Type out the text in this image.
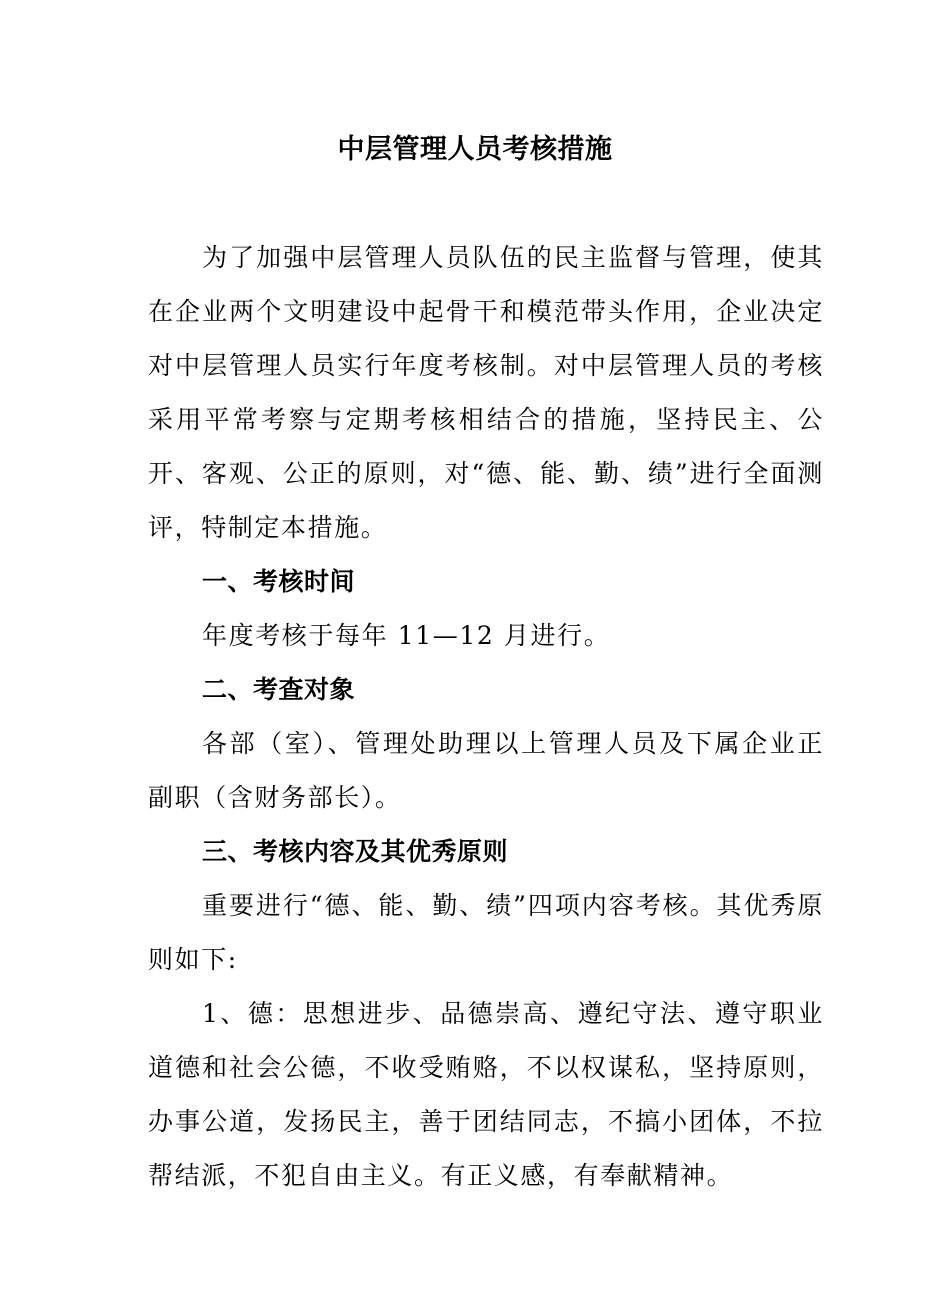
中层管理人员考核措施

为了加强中层管理人员队伍的民主监督与管理，使其在企业两个文明建设中起骨干和模范带头作用，企业决定对中层管理人员实行年度考核制。对中层管理人员的考核采用平常考察与定期考核相结合的措施，坚持民主、公开、客观、公正的原则，对“德、能、勤、绩”进行全面测评，特制定本措施。

一、考核时间

年度考核于每年 11—12 月进行。

二、考查对象

各部（室）、管理处助理以上管理人员及下属企业正副职（含财务部长）。

三、考核内容及其优秀原则

重要进行“德、能、勤、绩”四项内容考核。其优秀原则如下:

1、德：思想进步、品德崇高、遵纪守法、遵守职业道德和社会公德，不收受贿赂，不以权谋私，坚持原则，办事公道，发扬民主，善于团结同志，不搞小团体，不拉帮结派，不犯自由主义。有正义感，有奉献精神。
